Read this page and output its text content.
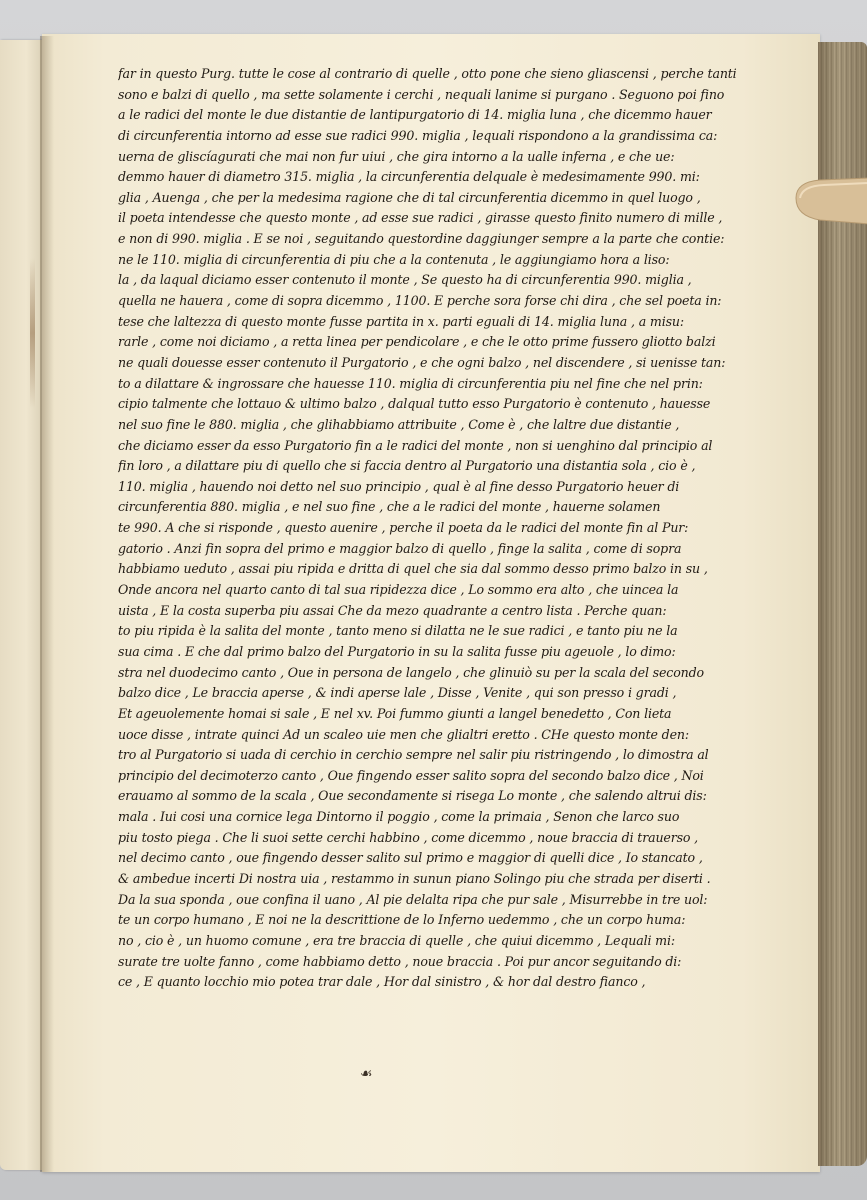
far in questo Purg. tutte le cose al contrario di quelle , otto pone che sieno gliascensi , perche tanti
sono e balzi di quello , ma sette solamente i cerchi , nequali lanime si purgano . Seguono poi fino
a le radici del monte le due distantie de lantipurgatorio di 14. miglia luna , che dicemmo hauer
di circunferentia intorno ad esse sue radici 990. miglia , lequali rispondono a la grandissima ca:
uerna de gliscíagurati che mai non fur uiui , che gira intorno a la ualle inferna , e che ue:
demmo hauer di diametro 315. miglia , la circunferentia delquale è medesimamente 990. mi:
glia , Auenga , che per la medesima ragione che di tal circunferentia dicemmo in quel luogo ,
il poeta intendesse che questo monte , ad esse sue radici , girasse questo finito numero di mille ,
e non di 990. miglia . E se noi , seguitando questordine daggiunger sempre a la parte che contie:
ne le 110. miglia di circunferentia di piu che a la contenuta , le aggiungiamo hora a liso:
la , da laqual diciamo esser contenuto il monte , Se questo ha di circunferentia 990. miglia ,
quella ne hauera , come di sopra dicemmo , 1100. E perche sora forse chi dira , che sel poeta in:
tese che laltezza di questo monte fusse partita in x. parti eguali di 14. miglia luna , a misu:
rarle , come noi diciamo , a retta linea per pendicolare , e che le otto prime fussero gliotto balzi
ne quali douesse esser contenuto il Purgatorio , e che ogni balzo , nel discendere , si uenisse tan:
to a dilattare & ingrossare che hauesse 110. miglia di circunferentia piu nel fine che nel prin:
cipio talmente che lottauo & ultimo balzo , dalqual tutto esso Purgatorio è contenuto , hauesse
nel suo fine le 880. miglia , che glihabbiamo attribuite , Come è , che laltre due distantie ,
che diciamo esser da esso Purgatorio fin a le radici del monte , non si uenghino dal principio al
fin loro , a dilattare piu di quello che si faccia dentro al Purgatorio una distantia sola , cio è ,
110. miglia , hauendo noi detto nel suo principio , qual è al fine desso Purgatorio heuer di
circunferentia 880. miglia , e nel suo fine , che a le radici del monte , hauerne solamen
te 990. A che si risponde , questo auenire , perche il poeta da le radici del monte fin al Pur:
gatorio . Anzi fin sopra del primo e maggior balzo di quello , finge la salita , come di sopra
habbiamo ueduto , assai piu ripida e dritta di quel che sia dal sommo desso primo balzo in su ,
Onde ancora nel quarto canto di tal sua ripidezza dice , Lo sommo era alto , che uincea la
uista , E la costa superba piu assai Che da mezo quadrante a centro lista . Perche quan:
to piu ripida è la salita del monte , tanto meno si dilatta ne le sue radici , e tanto piu ne la
sua cima . E che dal primo balzo del Purgatorio in su la salita fusse piu ageuole , lo dimo:
stra nel duodecimo canto , Oue in persona de langelo , che glinuiò su per la scala del secondo
balzo dice , Le braccia aperse , & indi aperse lale , Disse , Venite , qui son presso i gradi ,
Et ageuolemente homai si sale , E nel xv. Poi fummo giunti a langel benedetto , Con lieta
uoce disse , intrate quinci Ad un scaleo uie men che glialtri eretto . CHe questo monte den:
tro al Purgatorio si uada di cerchio in cerchio sempre nel salir piu ristringendo , lo dimostra al
principio del decimoterzo canto , Oue fingendo esser salito sopra del secondo balzo dice , Noi
erauamo al sommo de la scala , Oue secondamente si risega Lo monte , che salendo altrui dis:
mala . Iui cosi una cornice lega Dintorno il poggio , come la primaia , Senon che larco suo
piu tosto piega . Che li suoi sette cerchi habbino , come dicemmo , noue braccia di trauerso ,
nel decimo canto , oue fingendo desser salito sul primo e maggior di quelli dice , Io stancato ,
& ambedue incerti Di nostra uia , restammo in sunun piano Solingo piu che strada per diserti .
Da la sua sponda , oue confina il uano , Al pie delalta ripa che pur sale , Misurrebbe in tre uol:
te un corpo humano , E noi ne la descrittione de lo Inferno uedemmo , che un corpo huma:
no , cio è , un huomo comune , era tre braccia di quelle , che quiui dicemmo , Lequali mi:
surate tre uolte fanno , come habbiamo detto , noue braccia . Poi pur ancor seguitando di:
ce , E quanto locchio mio potea trar dale , Hor dal sinistro , & hor dal destro fianco ,
☙
